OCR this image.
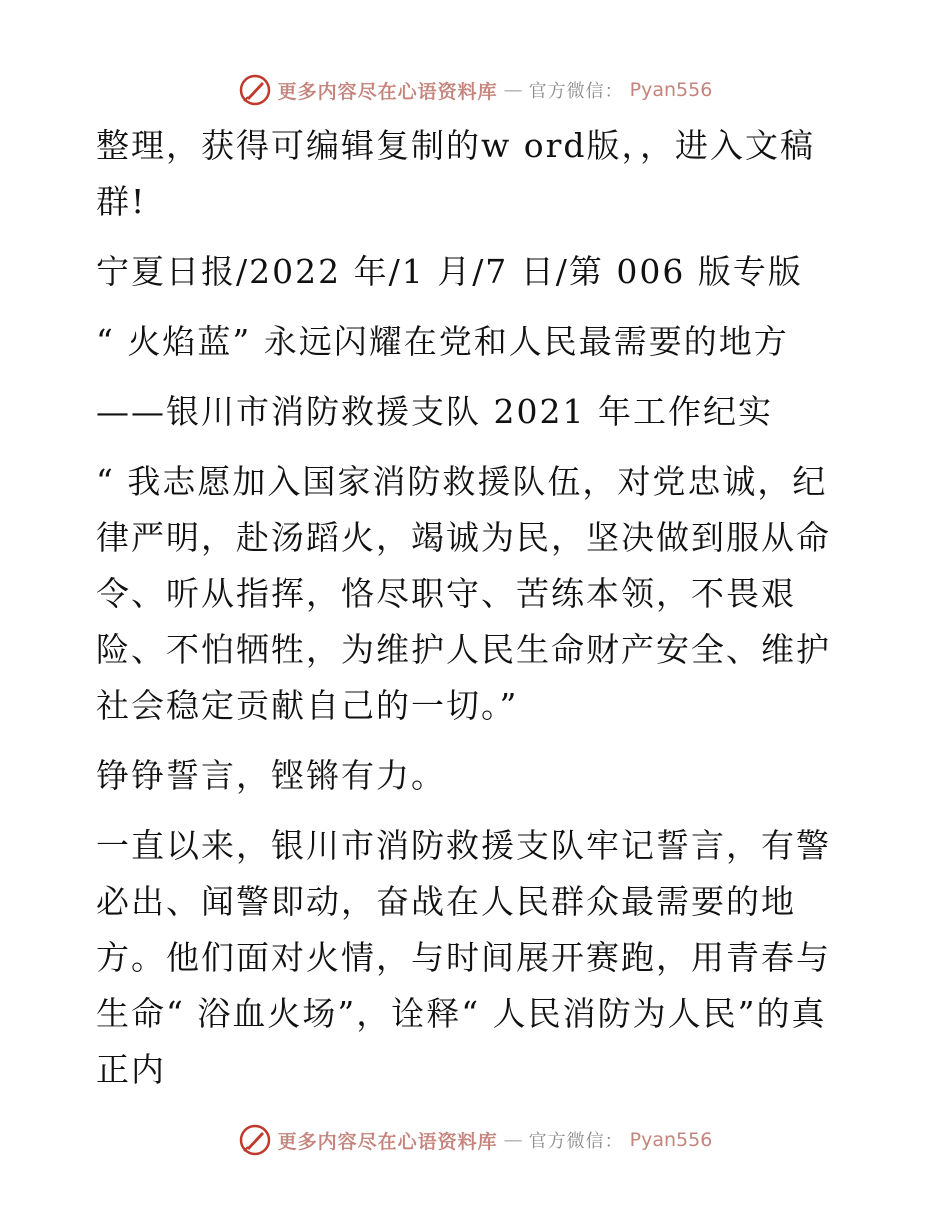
更多内容尽在心语资料库 — 官方微信： Pyan556

整理，获得可编辑复制的w ord版，，进入文稿群!

宁夏日报/2022 年/1 月/7 日/第 006 版专版

“ 火焰蓝” 永远闪耀在党和人民最需要的地方

——银川市消防救援支队 2021 年工作纪实

“ 我志愿加入国家消防救援队伍，对党忠诚，纪律严明，赴汤蹈火，竭诚为民，坚决做到服从命令、听从指挥，恪尽职守、苦练本领，不畏艰险、不怕牺牲，为维护人民生命财产安全、维护社会稳定贡献自己的一切。”

铮铮誓言，铿锵有力。

一直以来，银川市消防救援支队牢记誓言，有警必出、闻警即动，奋战在人民群众最需要的地方。他们面对火情，与时间展开赛跑，用青春与生命“ 浴血火场”，诠释“ 人民消防为人民”的真正内

更多内容尽在心语资料库 — 官方微信： Pyan556
